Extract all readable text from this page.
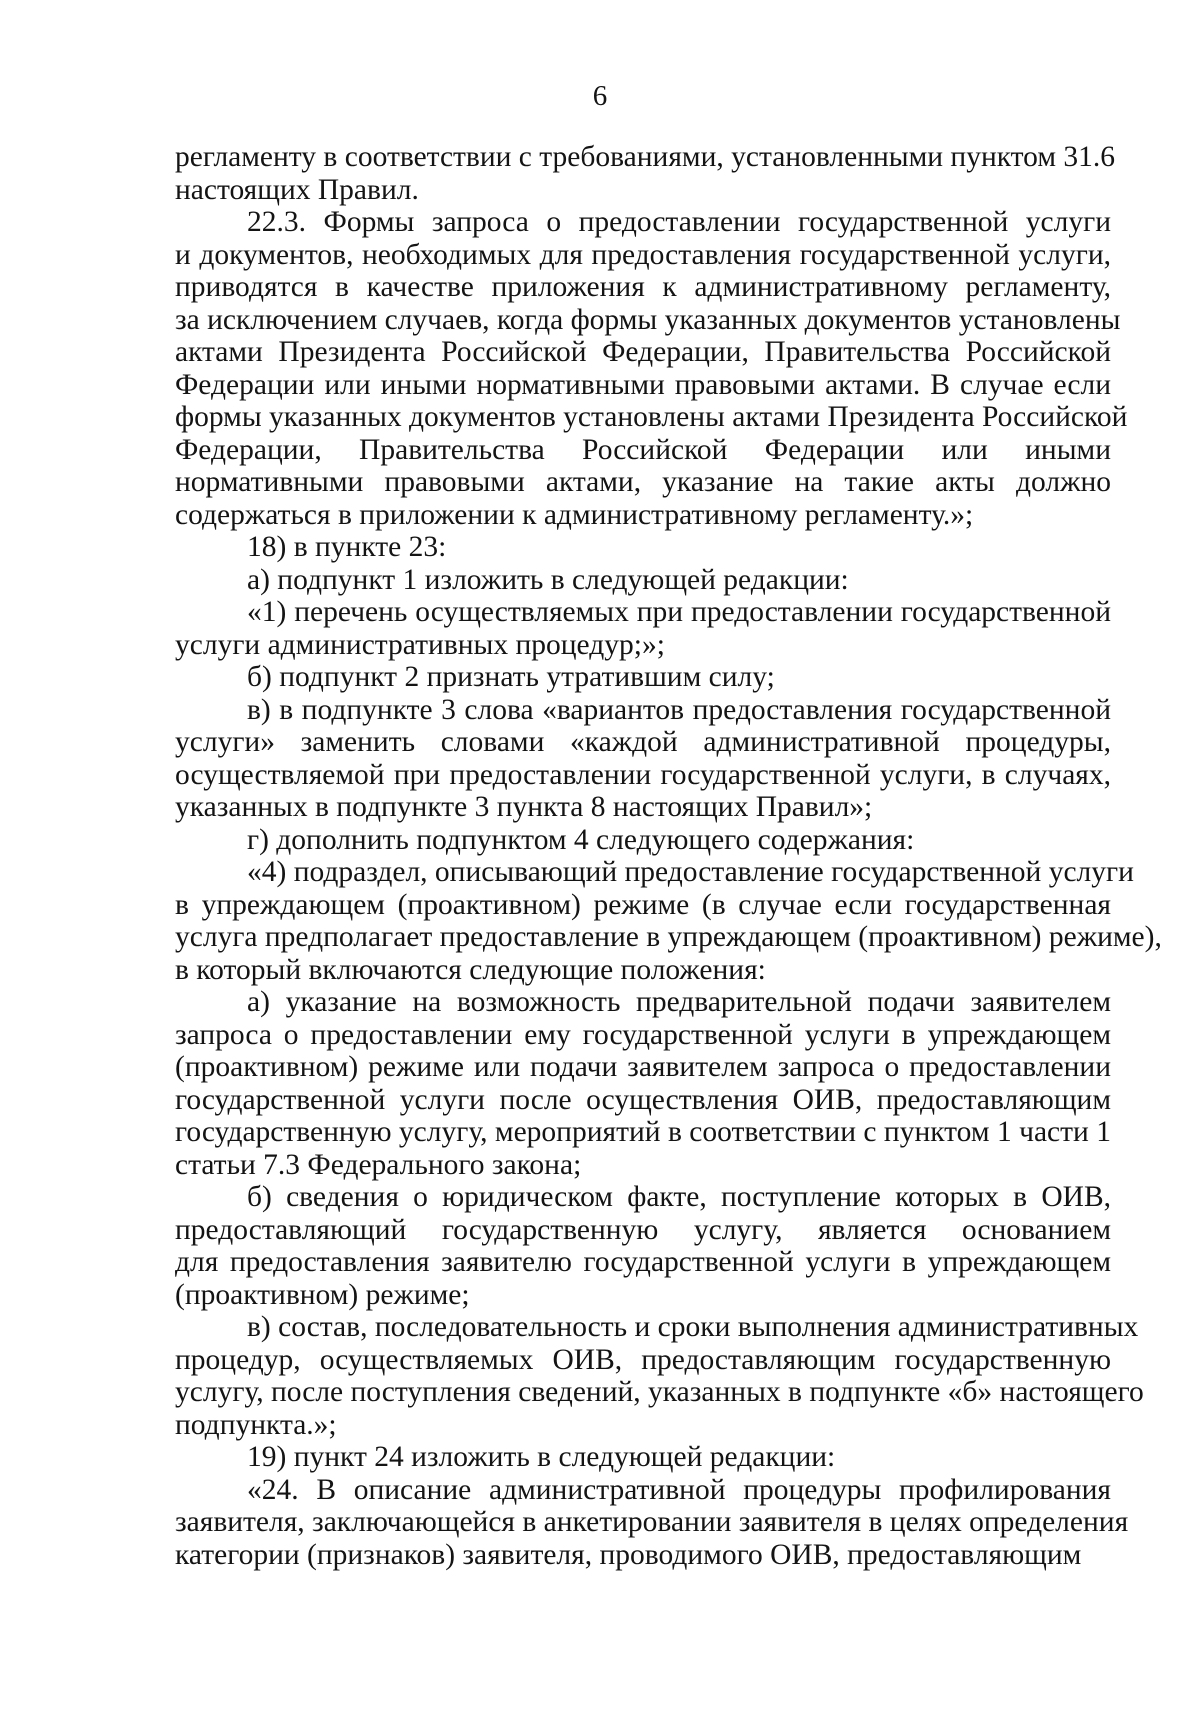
6
регламенту в соответствии с требованиями, установленными пунктом 31.6
настоящих Правил.
22.3. Формы запроса о предоставлении государственной услуги
и документов, необходимых для предоставления государственной услуги,
приводятся в качестве приложения к административному регламенту,
за исключением случаев, когда формы указанных документов установлены
актами Президента Российской Федерации, Правительства Российской
Федерации или иными нормативными правовыми актами. В случае если
формы указанных документов установлены актами Президента Российской
Федерации, Правительства Российской Федерации или иными
нормативными правовыми актами, указание на такие акты должно
содержаться в приложении к административному регламенту.»;
18) в пункте 23:
а) подпункт 1 изложить в следующей редакции:
«1) перечень осуществляемых при предоставлении государственной
услуги административных процедур;»;
б) подпункт 2 признать утратившим силу;
в) в подпункте 3 слова «вариантов предоставления государственной
услуги» заменить словами «каждой административной процедуры,
осуществляемой при предоставлении государственной услуги, в случаях,
указанных в подпункте 3 пункта 8 настоящих Правил»;
г) дополнить подпунктом 4 следующего содержания:
«4) подраздел, описывающий предоставление государственной услуги
в упреждающем (проактивном) режиме (в случае если государственная
услуга предполагает предоставление в упреждающем (проактивном) режиме),
в который включаются следующие положения:
а) указание на возможность предварительной подачи заявителем
запроса о предоставлении ему государственной услуги в упреждающем
(проактивном) режиме или подачи заявителем запроса о предоставлении
государственной услуги после осуществления ОИВ, предоставляющим
государственную услугу, мероприятий в соответствии с пунктом 1 части 1
статьи 7.3 Федерального закона;
б) сведения о юридическом факте, поступление которых в ОИВ,
предоставляющий государственную услугу, является основанием
для предоставления заявителю государственной услуги в упреждающем
(проактивном) режиме;
в) состав, последовательность и сроки выполнения административных
процедур, осуществляемых ОИВ, предоставляющим государственную
услугу, после поступления сведений, указанных в подпункте «б» настоящего
подпункта.»;
19) пункт 24 изложить в следующей редакции:
«24. В описание административной процедуры профилирования
заявителя, заключающейся в анкетировании заявителя в целях определения
категории (признаков) заявителя, проводимого ОИВ, предоставляющим
